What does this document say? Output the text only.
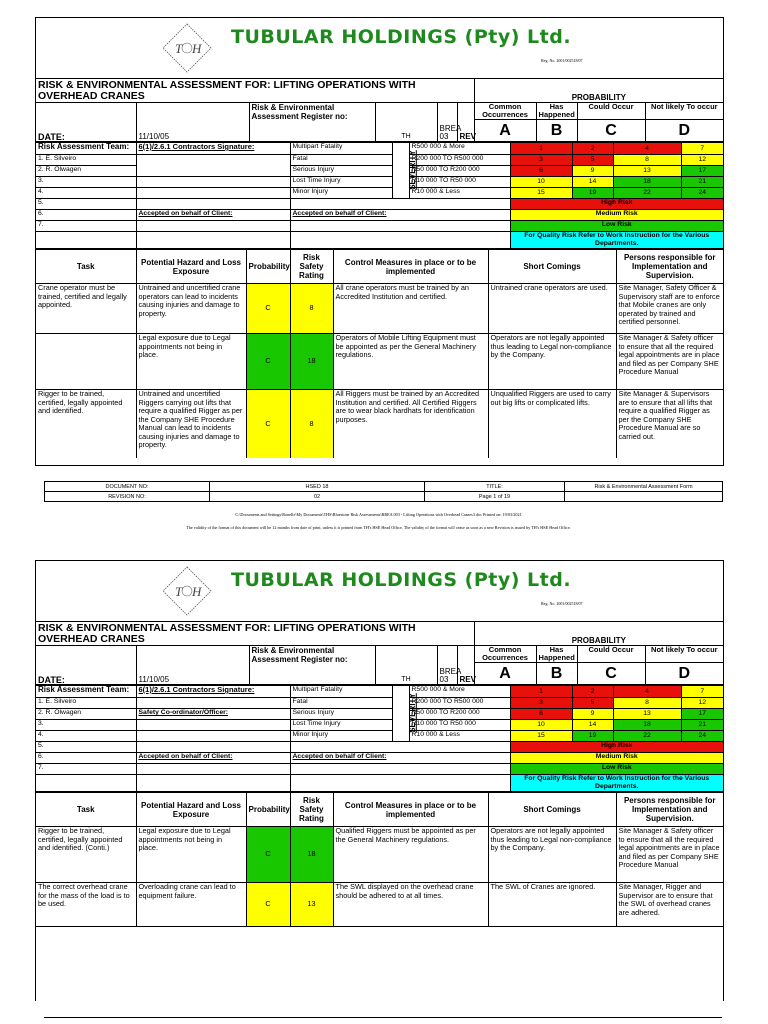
T H
TUBULAR HOLDINGS (Pty) Ltd.
Reg. No. 2001/002518/07
RISK & ENVIRONMENTAL ASSESSMENT FOR: LIFTING OPERATIONS WITH OVERHEAD CRANES						PROBABILITY			
DATE:	11/10/05	Risk & Environmental Assessment Register no:	TH	BREA 03	REV	Common Occurrences	Has Happened	Could Occur	Not likely To occur
						A	B	C	D
Risk Assessment Team:	6(1)/2.6.1 Contractors Signature:	Multipart Fatality	SEVERITY	R500 000 & More	1	2	4	7
1. E. Silveiro		Fatal		R200 000 TO R500 000	3	5	8	12
2. R. Olwagen		Serious Injury		R50 000 TO R200 000	6	9	13	17
3.		Lost Time Injury		R10 000 TO R50 000	10	14	18	21
4.		Minor Injury		R10 000 & Less	15	19	22	24
5.					High Risk			
6.	Accepted on behalf of Client:	Accepted on behalf of Client:			Medium Risk			
7.					Low Risk			
					For Quality Risk Refer to Work Instruction for the Various Departments.			
Task	Potential Hazard and Loss Exposure	Probability	Risk Safety Rating	Control Measures in place or to be implemented	Short Comings	Persons responsible for Implementation and Supervision.
Crane operator must be trained, certified and legally appointed.	Untrained and uncertified crane operators can lead to incidents causing injuries and damage to property.	C	8	All crane operators must be trained by an Accredited Institution and certified.	Untrained crane operators are used.	Site Manager, Safety Officer & Supervisory staff are to enforce that Mobile cranes are only operated by trained and certified personnel.
	Legal exposure due to Legal appointments not being in place.	C	18	Operators of Mobile Lifting Equipment must be appointed as per the General Machinery regulations.	Operators are not legally appointed thus leading to Legal non-compliance by the Company.	Site Manager & Safety officer to ensure that all the required legal appointments are in place and filed as per Company SHE Procedure Manual
Rigger to be trained, certified, legally appointed and identified.	Untrained and uncertified Riggers carrying out lifts that require a qualified Rigger as per the Company SHE Procedure Manual can lead to incidents causing injuries and damage to property.	C	8	All Riggers must be trained by an Accredited Institution and certified. All Certified Riggers are to wear black hardhats for identification purposes.	Unqualified Riggers are used to carry out big lifts or complicated lifts.	Site Manager & Supervisors are to ensure that all lifts that require a qualified Rigger as per the Company SHE Procedure Manual are so carried out.
DOCUMENT NO:	HSED 18	TITLE:	Risk & Environmental Assessment Form
REVISION NO:	02	Page 1 of 19	
C:\Documents and Settings\Ronelle\My Documents\THS\Bluestone Risk Assessments\BREA 003 - Lifting Operations with Overhead Cranes3.doc Printed on: 19/03/2021
The validity of the format of this document will be 12 months from date of print, unless it is printed from TH's HSE Head Office. The validity of the format will cease as soon as a new Revision is issued by TH's HSE Head Office.
T H
TUBULAR HOLDINGS (Pty) Ltd.
Reg. No. 2001/002518/07
RISK & ENVIRONMENTAL ASSESSMENT FOR: LIFTING OPERATIONS WITH OVERHEAD CRANES						PROBABILITY			
DATE:	11/10/05	Risk & Environmental Assessment Register no:	TH	BREA 03	REV	Common Occurrences	Has Happened	Could Occur	Not likely To occur
						A	B	C	D
Risk Assessment Team:	6(1)/2.6.1 Contractors Signature:	Multipart Fatality	SEVERITY	R500 000 & More	1	2	4	7
1. E. Silveiro		Fatal		R200 000 TO R500 000	3	5	8	12
2. R. Olwagen	Safety Co-ordinator/Officer:	Serious Injury		R50 000 TO R200 000	6	9	13	17
3.		Lost Time Injury		R10 000 TO R50 000	10	14	18	21
4.		Minor Injury		R10 000 & Less	15	19	22	24
5.					High Risk			
6.	Accepted on behalf of Client:	Accepted on behalf of Client:			Medium Risk			
7.					Low Risk			
					For Quality Risk Refer to Work Instruction for the Various Departments.			
Task	Potential Hazard and Loss Exposure	Probability	Risk Safety Rating	Control Measures in place or to be implemented	Short Comings	Persons responsible for Implementation and Supervision.
Rigger to be trained, certified, legally appointed and identified. (Conti.)	Legal exposure due to Legal appointments not being in place.	C	18	Qualified Riggers must be appointed as per the General Machinery regulations.	Operators are not legally appointed thus leading to Legal non-compliance by the Company.	Site Manager & Safety officer to ensure that all the required legal appointments are in place and filed as per Company SHE Procedure Manual
The correct overhead crane for the mass of the load is to be used.	Overloading crane can lead to equipment failure.	C	13	The SWL displayed on the overhead crane should be adhered to at all times.	The SWL of Cranes are ignored.	Site Manager, Rigger and Supervisor are to ensure that the SWL of overhead cranes are adhered.
